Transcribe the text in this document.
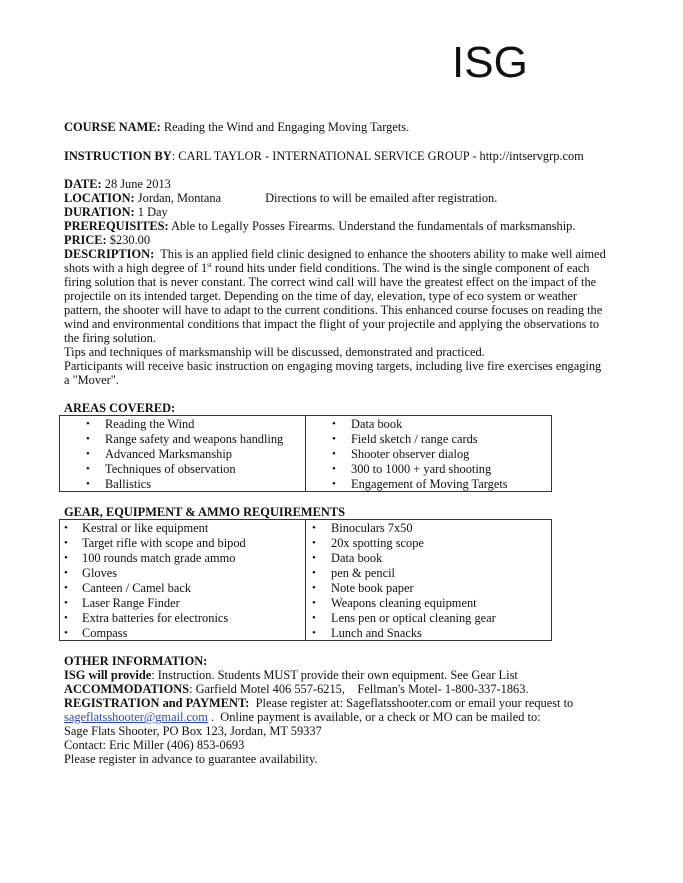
ISG
COURSE NAME: Reading the Wind and Engaging Moving Targets.
INSTRUCTION BY: CARL TAYLOR - INTERNATIONAL SERVICE GROUP - http://intservgrp.com
DATE: 28 June 2013
LOCATION: Jordan, Montana	Directions to will be emailed after registration.
DURATION: 1 Day
PREREQUISITES: Able to Legally Posses Firearms. Understand the fundamentals of marksmanship.
PRICE: $230.00
DESCRIPTION: This is an applied field clinic designed to enhance the shooters ability to make well aimed
shots with a high degree of 1st round hits under field conditions. The wind is the single component of each
firing solution that is never constant. The correct wind call will have the greatest effect on the impact of the
projectile on its intended target. Depending on the time of day, elevation, type of eco system or weather
pattern, the shooter will have to adapt to the current conditions. This enhanced course focuses on reading the
wind and environmental conditions that impact the flight of your projectile and applying the observations to
the firing solution.
Tips and techniques of marksmanship will be discussed, demonstrated and practiced.
Participants will receive basic instruction on engaging moving targets, including live fire exercises engaging
a "Mover".
AREAS COVERED:
• Reading the Wind
• Range safety and weapons handling
• Advanced Marksmanship
• Techniques of observation
• Ballistics
• Data book
• Field sketch / range cards
• Shooter observer dialog
• 300 to 1000 + yard shooting
• Engagement of Moving Targets
GEAR, EQUIPMENT & AMMO REQUIREMENTS
• Kestral or like equipment
• Target rifle with scope and bipod
• 100 rounds match grade ammo
• Gloves
• Canteen / Camel back
• Laser Range Finder
• Extra batteries for electronics
• Compass
• Binoculars 7x50
• 20x spotting scope
• Data book
• pen & pencil
• Note book paper
• Weapons cleaning equipment
• Lens pen or optical cleaning gear
• Lunch and Snacks
OTHER INFORMATION:
ISG will provide: Instruction. Students MUST provide their own equipment. See Gear List
ACCOMMODATIONS: Garfield Motel 406 557-6215,    Fellman's Motel- 1-800-337-1863.
REGISTRATION and PAYMENT:  Please register at: Sageflatsshooter.com or email your request to
sageflatsshooter@gmail.com .  Online payment is available, or a check or MO can be mailed to:
Sage Flats Shooter, PO Box 123, Jordan, MT 59337
Contact: Eric Miller (406) 853-0693
Please register in advance to guarantee availability.
